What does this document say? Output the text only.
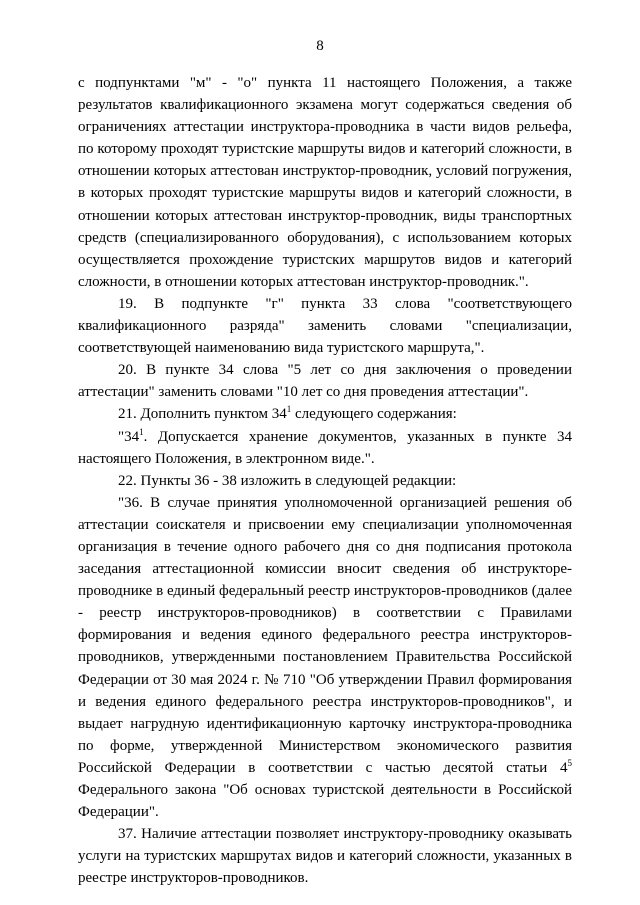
8

с подпунктами "м" - "о" пункта 11 настоящего Положения, а также результатов квалификационного экзамена могут содержаться сведения об ограничениях аттестации инструктора-проводника в части видов рельефа, по которому проходят туристские маршруты видов и категорий сложности, в отношении которых аттестован инструктор-проводник, условий погружения, в которых проходят туристские маршруты видов и категорий сложности, в отношении которых аттестован инструктор-проводник, виды транспортных средств (специализированного оборудования), с использованием которых осуществляется прохождение туристских маршрутов видов и категорий сложности, в отношении которых аттестован инструктор-проводник.".

19. В подпункте "г" пункта 33 слова "соответствующего квалификационного разряда" заменить словами "специализации, соответствующей наименованию вида туристского маршрута,".

20. В пункте 34 слова "5 лет со дня заключения о проведении аттестации" заменить словами "10 лет со дня проведения аттестации".

21. Дополнить пунктом $34^1$ следующего содержания:

"$34^1$. Допускается хранение документов, указанных в пункте 34 настоящего Положения, в электронном виде.".

22. Пункты 36 - 38 изложить в следующей редакции:

"36. В случае принятия уполномоченной организацией решения об аттестации соискателя и присвоении ему специализации уполномоченная организация в течение одного рабочего дня со дня подписания протокола заседания аттестационной комиссии вносит сведения об инструкторе-проводнике в единый федеральный реестр инструкторов-проводников (далее - реестр инструкторов-проводников) в соответствии с Правилами формирования и ведения единого федерального реестра инструкторов-проводников, утвержденными постановлением Правительства Российской Федерации от 30 мая 2024 г. № 710 "Об утверждении Правил формирования и ведения единого федерального реестра инструкторов-проводников", и выдает нагрудную идентификационную карточку инструктора-проводника по форме, утвержденной Министерством экономического развития Российской Федерации в соответствии с частью десятой статьи $4^5$ Федерального закона "Об основах туристской деятельности в Российской Федерации".

37. Наличие аттестации позволяет инструктору-проводнику оказывать услуги на туристских маршрутах видов и категорий сложности, указанных в реестре инструкторов-проводников.
